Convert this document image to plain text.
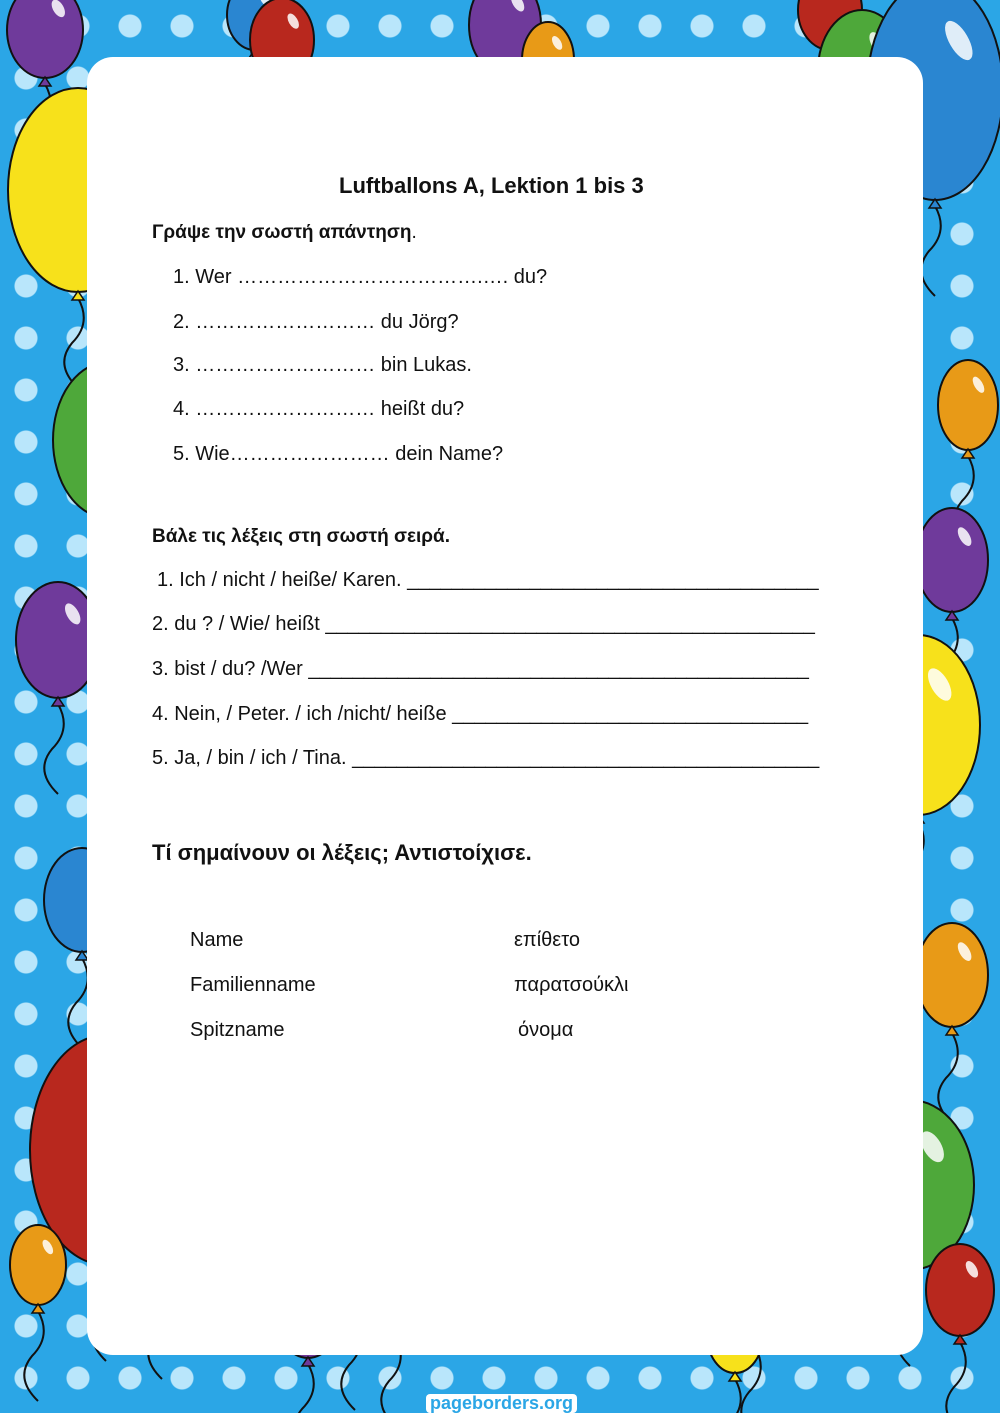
Luftballons A, Lektion 1 bis 3
Γράψε την σωστή απάντηση.
1. Wer ……………………………….…. du?
2. ……………………… du Jörg?
3. ……………………… bin Lukas.
4. ……………………… heißt du?
5. Wie…………………… dein Name?
Βάλε τις λέξεις στη σωστή σειρά.
1. Ich / nicht / heiße/ Karen. _____________________________________
2. du ? / Wie/ heißt ____________________________________________
3. bist / du? /Wer _____________________________________________
4. Nein, / Peter. / ich /nicht/ heiße ________________________________
5. Ja, / bin / ich / Tina. __________________________________________
Τί σημαίνουν οι λέξεις; Αντιστοίχισε.
Name
Familienname
Spitzname
επίθετο
παρατσούκλι
όνομα
pageborders.org
